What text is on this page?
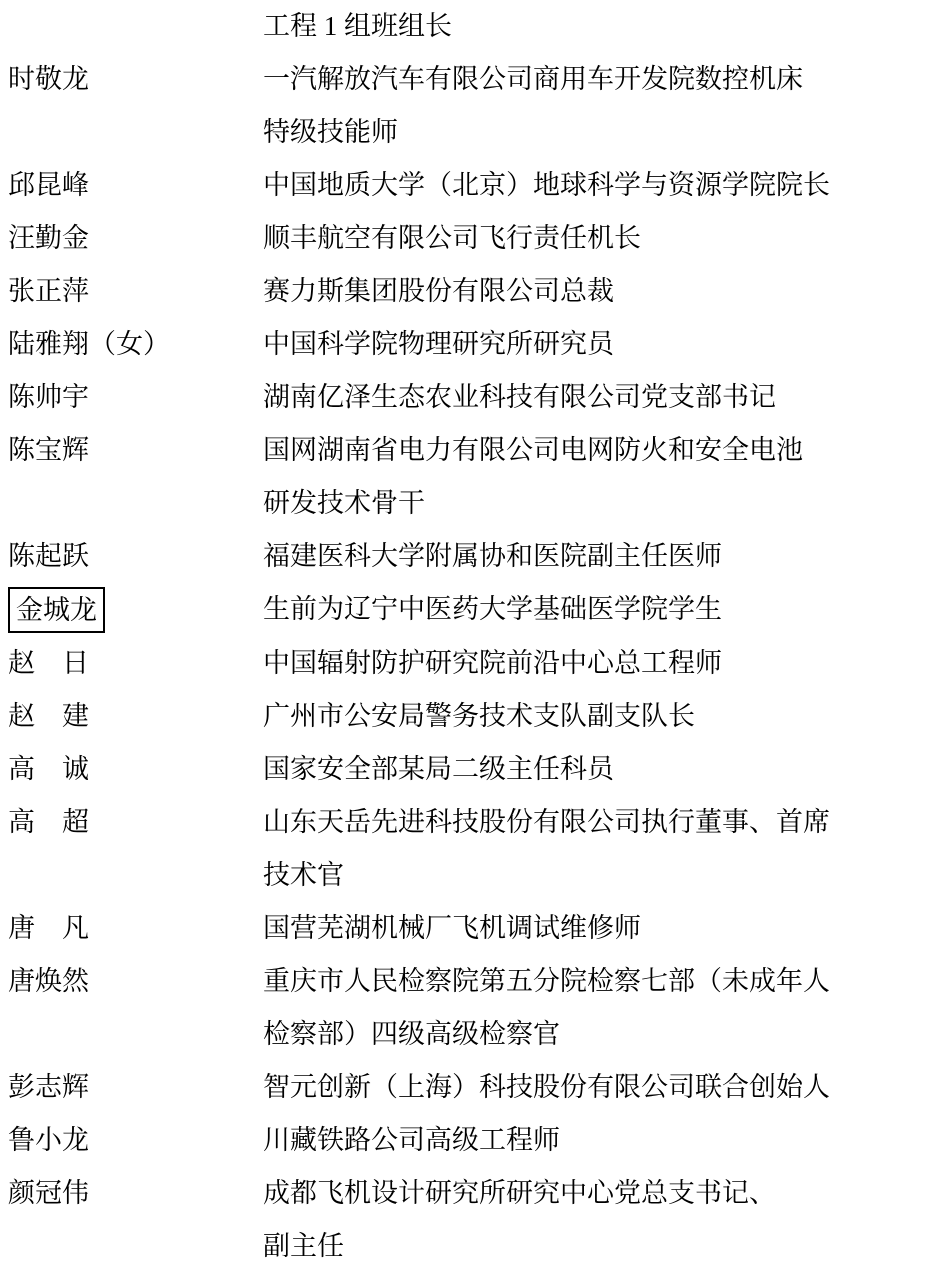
工程 1 组班组长
时敬龙	一汽解放汽车有限公司商用车开发院数控机床
特级技能师
邱昆峰	中国地质大学（北京）地球科学与资源学院院长
汪勤金	顺丰航空有限公司飞行责任机长
张正萍	赛力斯集团股份有限公司总裁
陆雅翔（女）	中国科学院物理研究所研究员
陈帅宇	湖南亿泽生态农业科技有限公司党支部书记
陈宝辉	国网湖南省电力有限公司电网防火和安全电池
研发技术骨干
陈起跃	福建医科大学附属协和医院副主任医师
金城龙	生前为辽宁中医药大学基础医学院学生
赵　日	中国辐射防护研究院前沿中心总工程师
赵　建	广州市公安局警务技术支队副支队长
高　诚	国家安全部某局二级主任科员
高　超	山东天岳先进科技股份有限公司执行董事、首席
技术官
唐　凡	国营芜湖机械厂飞机调试维修师
唐焕然	重庆市人民检察院第五分院检察七部（未成年人
检察部）四级高级检察官
彭志辉	智元创新（上海）科技股份有限公司联合创始人
鲁小龙	川藏铁路公司高级工程师
颜冠伟	成都飞机设计研究所研究中心党总支书记、
副主任
